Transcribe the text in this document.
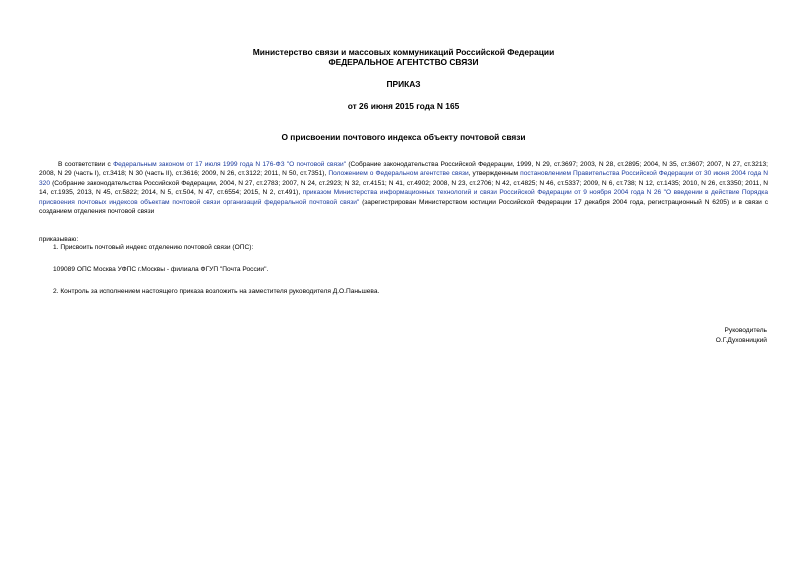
Министерство связи и массовых коммуникаций Российской Федерации
ФЕДЕРАЛЬНОЕ АГЕНТСТВО СВЯЗИ
ПРИКАЗ
от 26 июня 2015 года N 165
О присвоении почтового индекса объекту почтовой связи

В соответствии с Федеральным законом от 17 июля 1999 года N 176-ФЗ "О почтовой связи" (Собрание законодательства Российской Федерации, 1999, N 29, ст.3697; 2003, N 28, ст.2895; 2004, N 35, ст.3607; 2007, N 27, ст.3213; 2008, N 29 (часть I), ст.3418; N 30 (часть II), ст.3616; 2009, N 26, ст.3122; 2011, N 50, ст.7351), Положением о Федеральном агентстве связи, утвержденным постановлением Правительства Российской Федерации от 30 июня 2004 года N 320 (Собрание законодательства Российской Федерации, 2004, N 27, ст.2783; 2007, N 24, ст.2923; N 32, ст.4151; N 41, ст.4902; 2008, N 23, ст.2706; N 42, ст.4825; N 46, ст.5337; 2009, N 6, ст.738; N 12, ст.1435; 2010, N 26, ст.3350; 2011, N 14, ст.1935, 2013, N 45, ст.5822; 2014, N 5, ст.504, N 47, ст.6554; 2015, N 2, ст.491), приказом Министерства информационных технологий и связи Российской Федерации от 9 ноября 2004 года N 26 "О введении в действие Порядка присвоения почтовых индексов объектам почтовой связи организаций федеральной почтовой связи" (зарегистрирован Министерством юстиции Российской Федерации 17 декабря 2004 года, регистрационный N 6205) и в связи с созданием отделения почтовой связи

приказываю:
1. Присвоить почтовый индекс отделению почтовой связи (ОПС):
109089 ОПС Москва УФПС г.Москвы - филиала ФГУП "Почта России".
2. Контроль за исполнением настоящего приказа возложить на заместителя руководителя Д.О.Паньшева.
Руководитель
О.Г.Духовницкий
